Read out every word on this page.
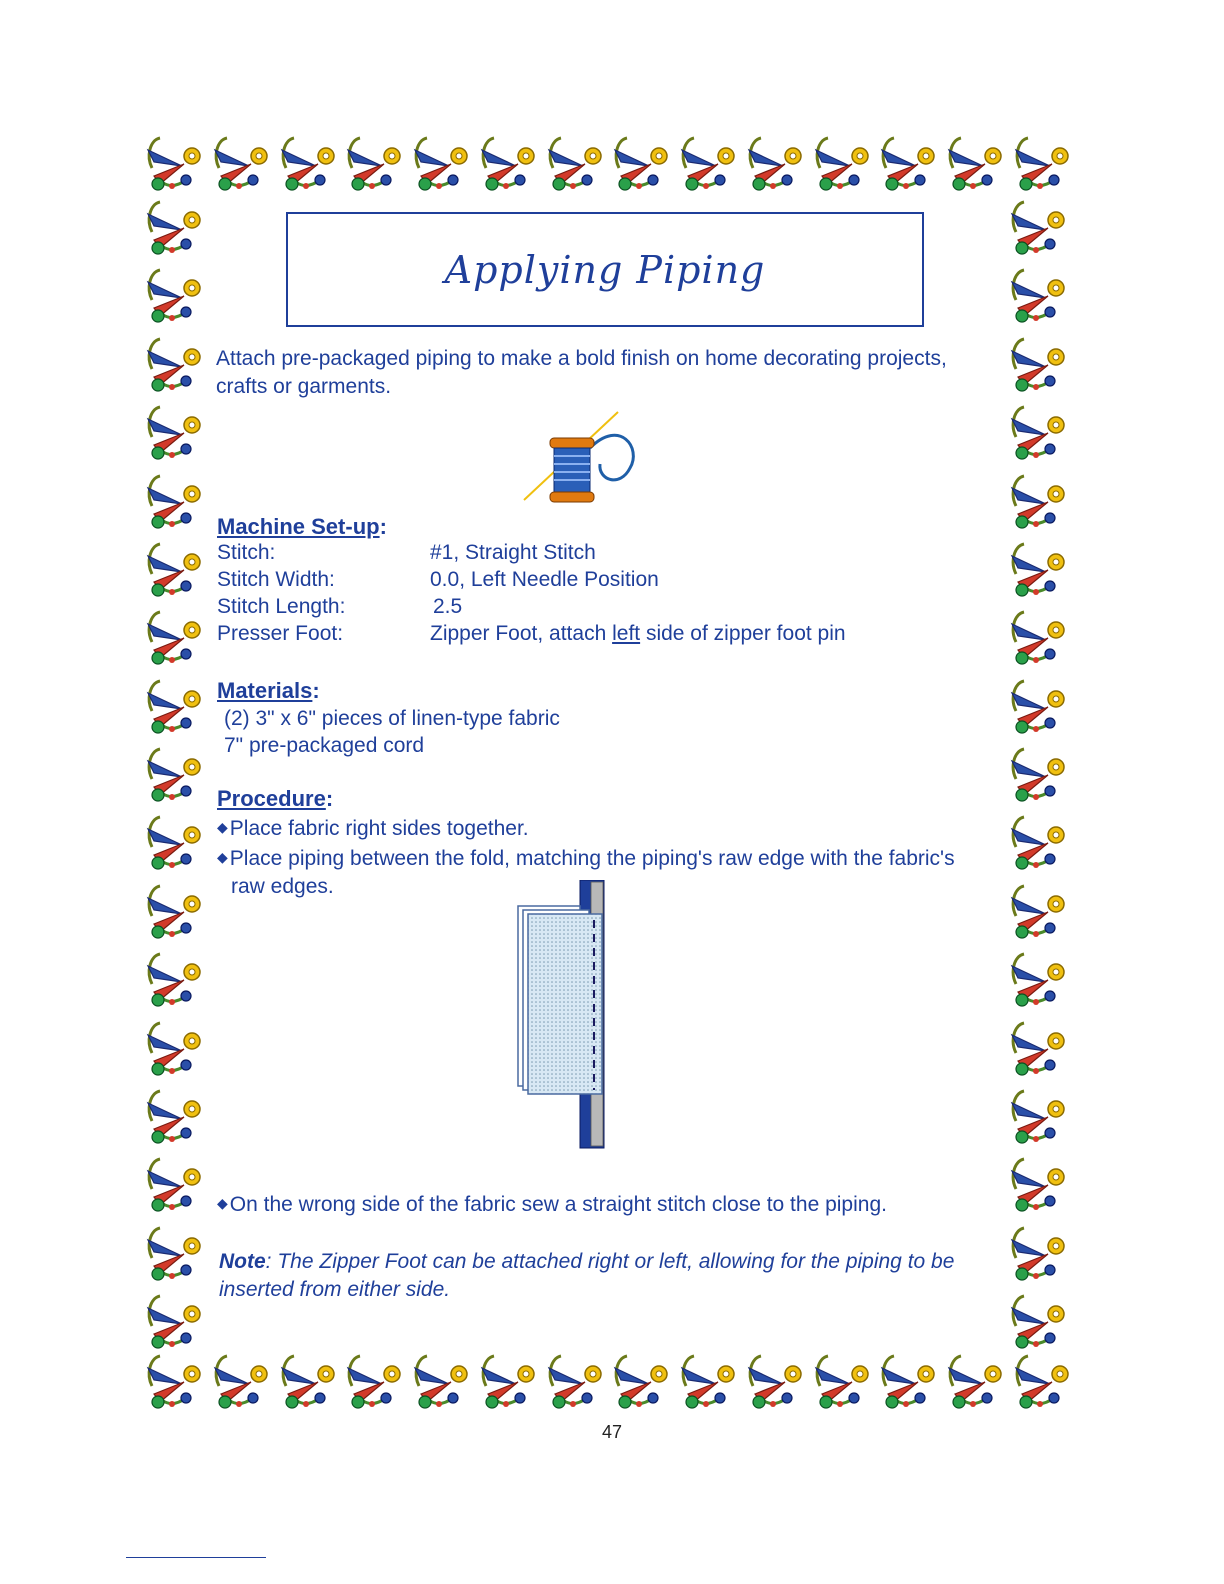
Applying Piping
Attach pre-packaged piping to make a bold finish on home decorating projects, crafts or garments.
Machine Set-up:
Stitch:	#1, Straight Stitch
Stitch Width:	0.0, Left Needle Position
Stitch Length:	2.5
Presser Foot:	Zipper Foot, attach left side of zipper foot pin
Materials:
(2) 3" x 6" pieces of linen-type fabric
7" pre-packaged cord
Procedure:
◆Place fabric right sides together.
◆Place piping between the fold, matching the piping's raw edge with the fabric's raw edges.
◆On the wrong side of the fabric sew a straight stitch close to the piping.
Note: The Zipper Foot can be attached right or left, allowing for the piping to be inserted from either side.
47
